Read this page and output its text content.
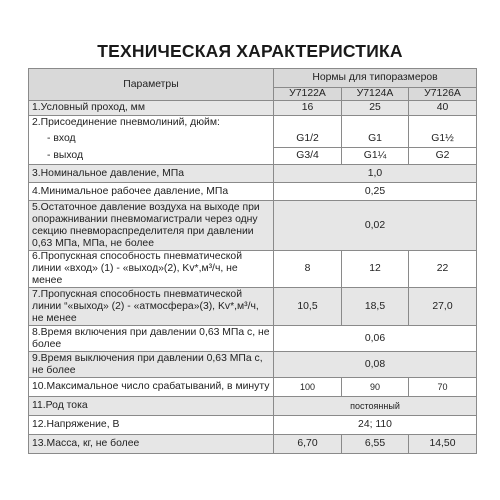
ТЕХНИЧЕСКАЯ ХАРАКТЕРИСТИКА
Параметры	Нормы для типоразмеров		
	У7122А	У7124А	У7126А
1.Условный проход, мм	16	25	40
2.Присоединение пневмолиний, дюйм:			
- вход	G1/2	G1	G1½
- выход	G3/4	G1¼	G2
3.Номинальное давление, МПа	1,0		
4.Минимальное рабочее давление, МПа	0,25		
5.Остаточное давление воздуха на выходе при опоражнивании пневмомагистрали через одну секцию пневмораспределителя при давлении 0,63 МПа, МПа, не более	0,02		
6.Пропускная способность пневматической линии «вход» (1) - «выход»(2), Kv*,м³/ч, не менее	8	12	22
7.Пропускная способность пневматической линии “«выход» (2) - «атмосфера»(3), Kv*,м³/ч, не менее	10,5	18,5	27,0
8.Время включения при давлении 0,63 МПа с, не более	0,06		
9.Время выключения при давлении 0,63 МПа с, не более	0,08		
10.Максимальное число срабатываний, в минуту	100	90	70
11.Род тока	постоянный		
12.Напряжение, В	24; 110		
13.Масса, кг, не более	6,70	6,55	14,50
